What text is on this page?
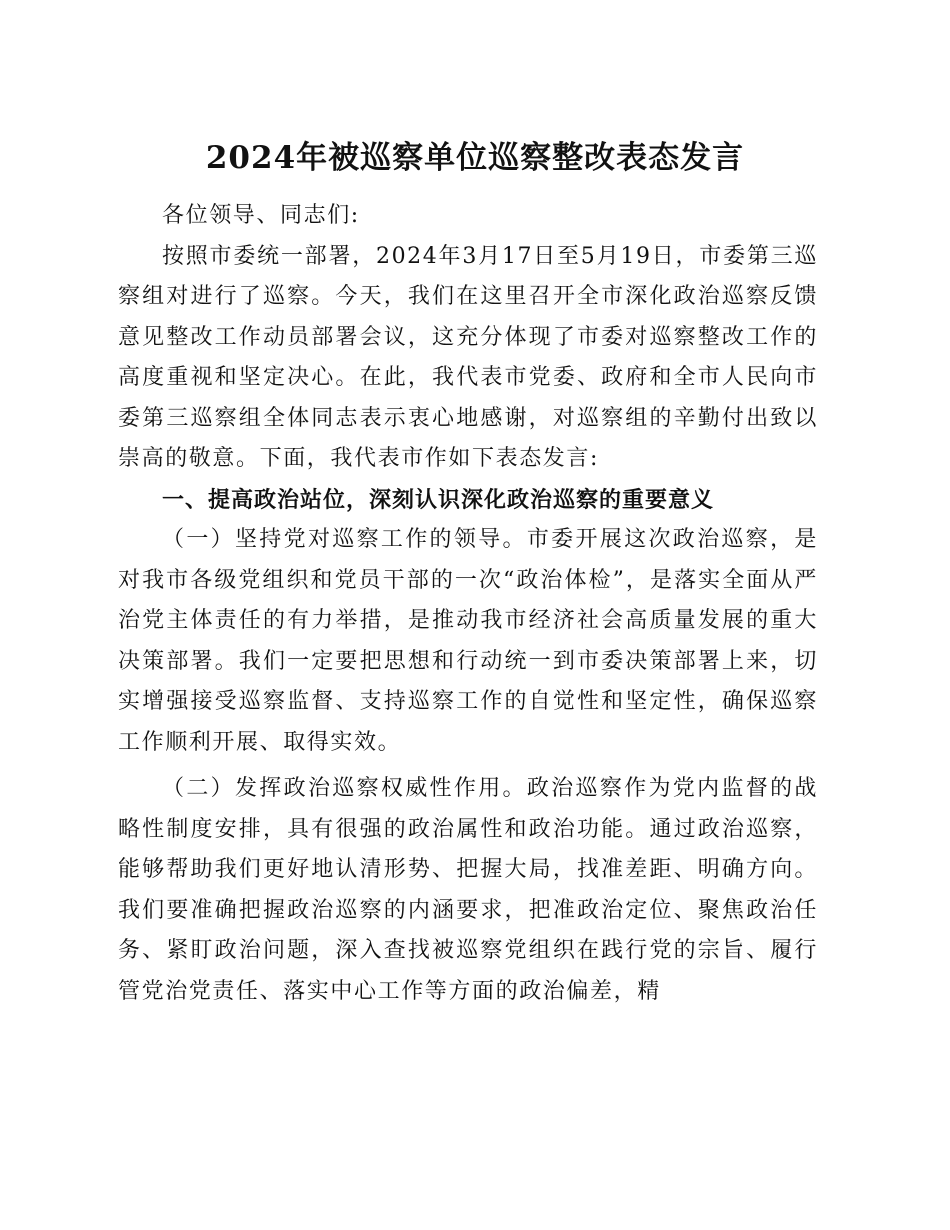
2024年被巡察单位巡察整改表态发言

各位领导、同志们:

按照市委统一部署，2024年3月17日至5月19日，市委第三巡察组对进行了巡察。今天，我们在这里召开全市深化政治巡察反馈意见整改工作动员部署会议，这充分体现了市委对巡察整改工作的高度重视和坚定决心。在此，我代表市党委、政府和全市人民向市委第三巡察组全体同志表示衷心地感谢，对巡察组的辛勤付出致以崇高的敬意。下面，我代表市作如下表态发言:

一、提高政治站位，深刻认识深化政治巡察的重要意义

（一）坚持党对巡察工作的领导。市委开展这次政治巡察，是对我市各级党组织和党员干部的一次“政治体检”，是落实全面从严治党主体责任的有力举措，是推动我市经济社会高质量发展的重大决策部署。我们一定要把思想和行动统一到市委决策部署上来，切实增强接受巡察监督、支持巡察工作的自觉性和坚定性，确保巡察工作顺利开展、取得实效。

（二）发挥政治巡察权威性作用。政治巡察作为党内监督的战略性制度安排，具有很强的政治属性和政治功能。通过政治巡察，能够帮助我们更好地认清形势、把握大局，找准差距、明确方向。我们要准确把握政治巡察的内涵要求，把准政治定位、聚焦政治任务、紧盯政治问题，深入查找被巡察党组织在践行党的宗旨、履行管党治党责任、落实中心工作等方面的政治偏差，精
